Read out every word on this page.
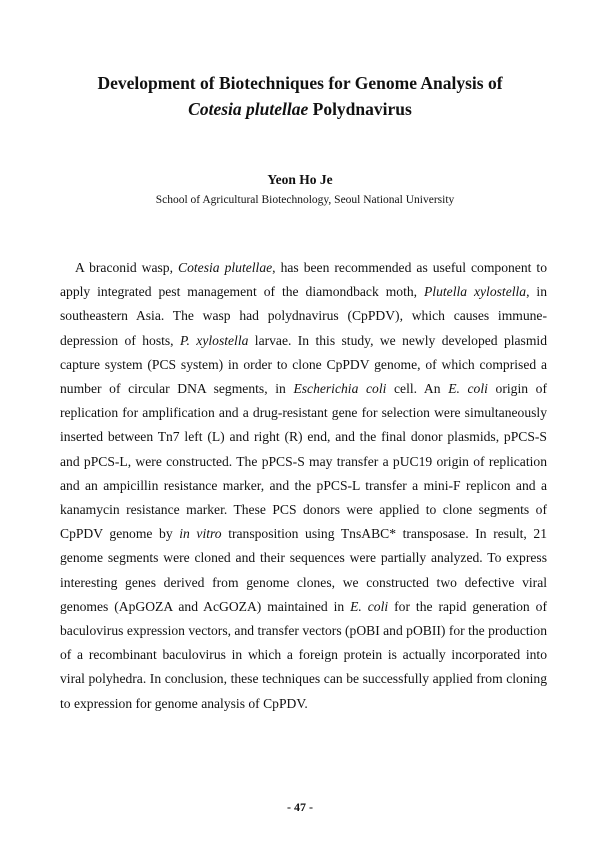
Development of Biotechniques for Genome Analysis of
Cotesia plutellae Polydnavirus
Yeon Ho Je
School of Agricultural Biotechnology, Seoul National University

A braconid wasp, Cotesia plutellae, has been recommended as useful component to apply integrated pest management of the diamondback moth, Plutella xylostella, in southeastern Asia. The wasp had polydnavirus (CpPDV), which causes immune-depression of hosts, P. xylostella larvae. In this study, we newly developed plasmid capture system (PCS system) in order to clone CpPDV genome, of which comprised a number of circular DNA segments, in Escherichia coli cell. An E. coli origin of replication for amplification and a drug-resistant gene for selection were simultaneously inserted between Tn7 left (L) and right (R) end, and the final donor plasmids, pPCS-S and pPCS-L, were constructed. The pPCS-S may transfer a pUC19 origin of replication and an ampicillin resistance marker, and the pPCS-L transfer a mini-F replicon and a kanamycin resistance marker. These PCS donors were applied to clone segments of CpPDV genome by in vitro transposition using TnsABC* transposase. In result, 21 genome segments were cloned and their sequences were partially analyzed. To express interesting genes derived from genome clones, we constructed two defective viral genomes (ApGOZA and AcGOZA) maintained in E. coli for the rapid generation of baculovirus expression vectors, and transfer vectors (pOBI and pOBII) for the production of a recombinant baculovirus in which a foreign protein is actually incorporated into viral polyhedra. In conclusion, these techniques can be successfully applied from cloning to expression for genome analysis of CpPDV.

- 47 -
